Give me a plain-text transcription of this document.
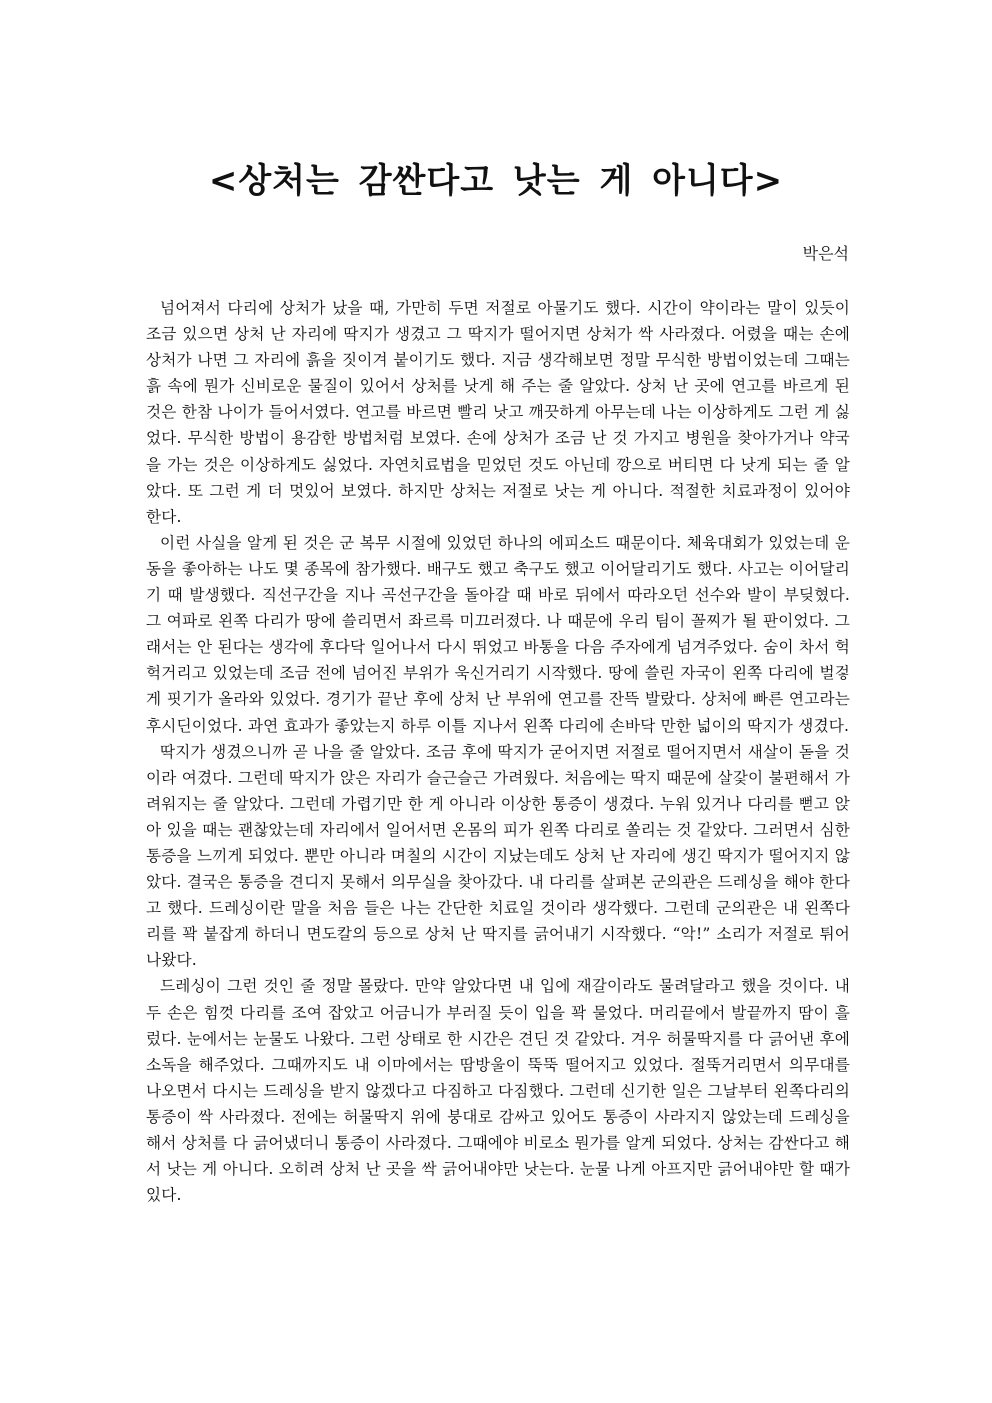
<상처는 감싼다고 낫는 게 아니다>

박은석

넘어져서 다리에 상처가 났을 때, 가만히 두면 저절로 아물기도 했다. 시간이 약이라는 말이 있듯이 조금 있으면 상처 난 자리에 딱지가 생겼고 그 딱지가 떨어지면 상처가 싹 사라졌다. 어렸을 때는 손에 상처가 나면 그 자리에 흙을 짓이겨 붙이기도 했다. 지금 생각해보면 정말 무식한 방법이었는데 그때는 흙 속에 뭔가 신비로운 물질이 있어서 상처를 낫게 해 주는 줄 알았다. 상처 난 곳에 연고를 바르게 된 것은 한참 나이가 들어서였다. 연고를 바르면 빨리 낫고 깨끗하게 아무는데 나는 이상하게도 그런 게 싫었다. 무식한 방법이 용감한 방법처럼 보였다. 손에 상처가 조금 난 것 가지고 병원을 찾아가거나 약국을 가는 것은 이상하게도 싫었다. 자연치료법을 믿었던 것도 아닌데 깡으로 버티면 다 낫게 되는 줄 알았다. 또 그런 게 더 멋있어 보였다. 하지만 상처는 저절로 낫는 게 아니다. 적절한 치료과정이 있어야 한다.

이런 사실을 알게 된 것은 군 복무 시절에 있었던 하나의 에피소드 때문이다. 체육대회가 있었는데 운동을 좋아하는 나도 몇 종목에 참가했다. 배구도 했고 축구도 했고 이어달리기도 했다. 사고는 이어달리기 때 발생했다. 직선구간을 지나 곡선구간을 돌아갈 때 바로 뒤에서 따라오던 선수와 발이 부딪혔다. 그 여파로 왼쪽 다리가 땅에 쓸리면서 좌르륵 미끄러졌다. 나 때문에 우리 팀이 꼴찌가 될 판이었다. 그래서는 안 된다는 생각에 후다닥 일어나서 다시 뛰었고 바통을 다음 주자에게 넘겨주었다. 숨이 차서 헉헉거리고 있었는데 조금 전에 넘어진 부위가 욱신거리기 시작했다. 땅에 쓸린 자국이 왼쪽 다리에 벌겋게 핏기가 올라와 있었다. 경기가 끝난 후에 상처 난 부위에 연고를 잔뜩 발랐다. 상처에 빠른 연고라는 후시딘이었다. 과연 효과가 좋았는지 하루 이틀 지나서 왼쪽 다리에 손바닥 만한 넓이의 딱지가 생겼다.

딱지가 생겼으니까 곧 나을 줄 알았다. 조금 후에 딱지가 굳어지면 저절로 떨어지면서 새살이 돋을 것이라 여겼다. 그런데 딱지가 앉은 자리가 슬근슬근 가려웠다. 처음에는 딱지 때문에 살갗이 불편해서 가려워지는 줄 알았다. 그런데 가렵기만 한 게 아니라 이상한 통증이 생겼다. 누워 있거나 다리를 뻗고 앉아 있을 때는 괜찮았는데 자리에서 일어서면 온몸의 피가 왼쪽 다리로 쏠리는 것 같았다. 그러면서 심한 통증을 느끼게 되었다. 뿐만 아니라 며칠의 시간이 지났는데도 상처 난 자리에 생긴 딱지가 떨어지지 않았다. 결국은 통증을 견디지 못해서 의무실을 찾아갔다. 내 다리를 살펴본 군의관은 드레싱을 해야 한다고 했다. 드레싱이란 말을 처음 들은 나는 간단한 치료일 것이라 생각했다. 그런데 군의관은 내 왼쪽다리를 꽉 붙잡게 하더니 면도칼의 등으로 상처 난 딱지를 긁어내기 시작했다. “악!” 소리가 저절로 튀어나왔다.

드레싱이 그런 것인 줄 정말 몰랐다. 만약 알았다면 내 입에 재갈이라도 물려달라고 했을 것이다. 내 두 손은 힘껏 다리를 조여 잡았고 어금니가 부러질 듯이 입을 꽉 물었다. 머리끝에서 발끝까지 땀이 흘렀다. 눈에서는 눈물도 나왔다. 그런 상태로 한 시간은 견딘 것 같았다. 겨우 허물딱지를 다 긁어낸 후에 소독을 해주었다. 그때까지도 내 이마에서는 땀방울이 뚝뚝 떨어지고 있었다. 절뚝거리면서 의무대를 나오면서 다시는 드레싱을 받지 않겠다고 다짐하고 다짐했다. 그런데 신기한 일은 그날부터 왼쪽다리의 통증이 싹 사라졌다. 전에는 허물딱지 위에 붕대로 감싸고 있어도 통증이 사라지지 않았는데 드레싱을 해서 상처를 다 긁어냈더니 통증이 사라졌다. 그때에야 비로소 뭔가를 알게 되었다. 상처는 감싼다고 해서 낫는 게 아니다. 오히려 상처 난 곳을 싹 긁어내야만 낫는다. 눈물 나게 아프지만 긁어내야만 할 때가 있다.
